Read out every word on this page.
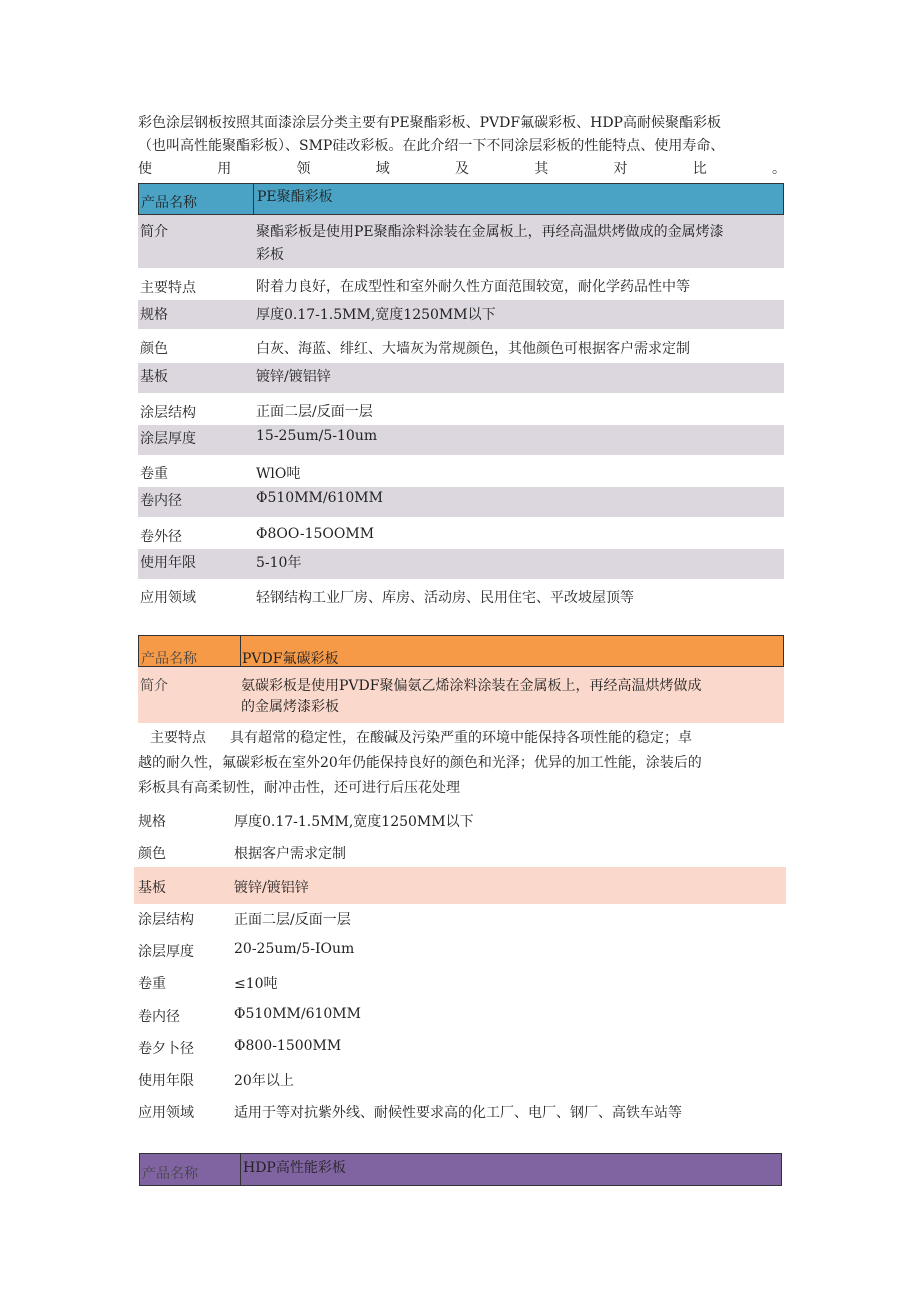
彩色涂层钢板按照其面漆涂层分类主要有PE聚酯彩板、PVDF氟碳彩板、HDP高耐候聚酯彩板
（也叫高性能聚酯彩板）、SMP硅改彩板。在此介绍一下不同涂层彩板的性能特点、使用寿命、
使	用	领	域	及	其	对	比	。
产品名称	PE聚酯彩板
简介	聚酯彩板是使用PE聚酯涂料涂装在金属板上，再经高温烘烤做成的金属烤漆
彩板
主要特点	附着力良好，在成型性和室外耐久性方面范围较宽，耐化学药品性中等
规格	厚度0.17-1.5MM,宽度1250MM以下
颜色	白灰、海蓝、绯红、大墙灰为常规颜色，其他颜色可根据客户需求定制
基板	镀锌/镀铝锌
涂层结构	正面二层/反面一层
涂层厚度	15-25um∕5-10um
卷重	WlO吨
卷内径	Φ510MM∕610MM
卷外径	Φ8OO-15OOMM
使用年限	5-10年
应用领域	轻钢结构工业厂房、库房、活动房、民用住宅、平改坡屋顶等
产品名称	PVDF氟碳彩板
简介	氨碳彩板是使用PVDF聚偏氨乙烯涂料涂装在金属板上，再经高温烘烤做成
的金属烤漆彩板
主要特点 具有超常的稳定性，在酸碱及污染严重的环境中能保持各项性能的稳定；卓
越的耐久性，氟碳彩板在室外20年仍能保持良好的颜色和光泽；优异的加工性能，涂装后的
彩板具有高柔韧性，耐冲击性，还可进行后压花处理
规格	厚度0.17-1.5MM,宽度1250MM以下
颜色	根据客户需求定制
基板	镀锌/镀铝锌
涂层结构	正面二层/反面一层
涂层厚度	20-25um∕5-IOum
卷重	≤10吨
卷内径	Φ510MM∕610MM
卷夕卜径	Φ800-1500MM
使用年限	20年以上
应用领域	适用于等对抗紫外线、耐候性要求高的化工厂、电厂、钢厂、高铁车站等
产品名称	HDP高性能彩板
